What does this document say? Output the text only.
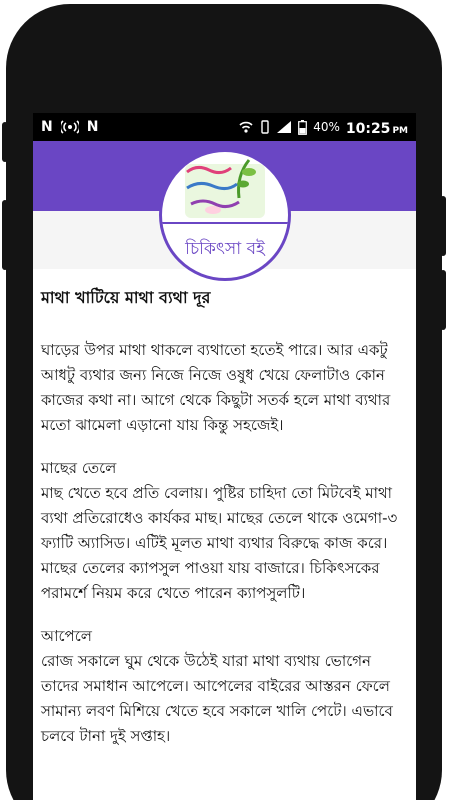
N N	40% 10:25 PM
চিকিৎসা বই
মাথা খাটিয়ে মাথা ব্যথা দূর

ঘাড়ের উপর মাথা থাকলে ব্যথাতো হতেই পারে। আর একটু আধটু ব্যথার জন্য নিজে নিজে ওষুধ খেয়ে ফেলাটাও কোন কাজের কথা না। আগে থেকে কিছুটা সতর্ক হলে মাথা ব্যথার মতো ঝামেলা এড়ানো যায় কিন্তু সহজেই।

মাছের তেলে

মাছ খেতে হবে প্রতি বেলায়। পুষ্টির চাহিদা তো মিটবেই মাথা ব্যথা প্রতিরোধেও কার্যকর মাছ। মাছের তেলে থাকে ওমেগা-৩ ফ্যাটি অ্যাসিড। এটিই মূলত মাথা ব্যথার বিরুদ্ধে কাজ করে। মাছের তেলের ক্যাপসুল পাওয়া যায় বাজারে। চিকিৎসকের পরামর্শে নিয়ম করে খেতে পারেন ক্যাপসুলটি।

আপেলে

রোজ সকালে ঘুম থেকে উঠেই যারা মাথা ব্যথায় ভোগেন তাদের সমাধান আপেলে। আপেলের বাইরের আস্তরন ফেলে সামান্য লবণ মিশিয়ে খেতে হবে সকালে খালি পেটে। এভাবে চলবে টানা দুই সপ্তাহ।
